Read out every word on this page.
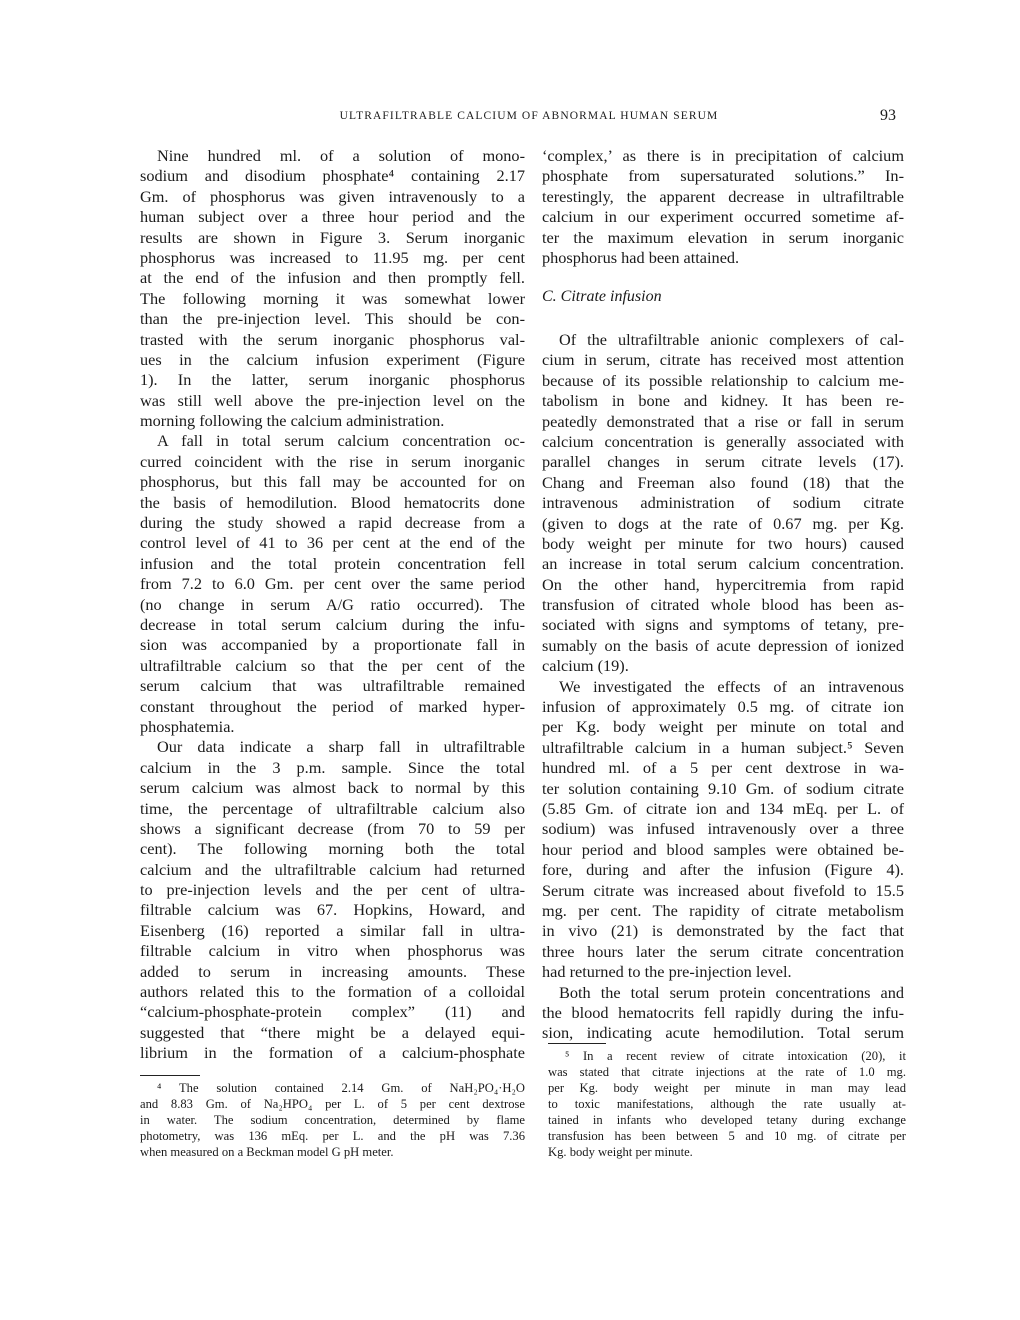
ULTRAFILTRABLE CALCIUM OF ABNORMAL HUMAN SERUM	93
Nine hundred ml. of a solution of mono-
sodium and disodium phosphate⁴ containing 2.17
Gm. of phosphorus was given intravenously to a
human subject over a three hour period and the
results are shown in Figure 3. Serum inorganic
phosphorus was increased to 11.95 mg. per cent
at the end of the infusion and then promptly fell.
The following morning it was somewhat lower
than the pre-injection level. This should be con-
trasted with the serum inorganic phosphorus val-
ues in the calcium infusion experiment (Figure
1). In the latter, serum inorganic phosphorus
was still well above the pre-injection level on the
morning following the calcium administration.
A fall in total serum calcium concentration oc-
curred coincident with the rise in serum inorganic
phosphorus, but this fall may be accounted for on
the basis of hemodilution. Blood hematocrits done
during the study showed a rapid decrease from a
control level of 41 to 36 per cent at the end of the
infusion and the total protein concentration fell
from 7.2 to 6.0 Gm. per cent over the same period
(no change in serum A/G ratio occurred). The
decrease in total serum calcium during the infu-
sion was accompanied by a proportionate fall in
ultrafiltrable calcium so that the per cent of the
serum calcium that was ultrafiltrable remained
constant throughout the period of marked hyper-
phosphatemia.
Our data indicate a sharp fall in ultrafiltrable
calcium in the 3 p.m. sample. Since the total
serum calcium was almost back to normal by this
time, the percentage of ultrafiltrable calcium also
shows a significant decrease (from 70 to 59 per
cent). The following morning both the total
calcium and the ultrafiltrable calcium had returned
to pre-injection levels and the per cent of ultra-
filtrable calcium was 67. Hopkins, Howard, and
Eisenberg (16) reported a similar fall in ultra-
filtrable calcium in vitro when phosphorus was
added to serum in increasing amounts. These
authors related this to the formation of a colloidal
“calcium-phosphate-protein complex” (11) and
suggested that “there might be a delayed equi-
librium in the formation of a calcium-phosphate
‘complex,’ as there is in precipitation of calcium
phosphate from supersaturated solutions.” In-
terestingly, the apparent decrease in ultrafiltrable
calcium in our experiment occurred sometime af-
ter the maximum elevation in serum inorganic
phosphorus had been attained.
C. Citrate infusion
Of the ultrafiltrable anionic complexers of cal-
cium in serum, citrate has received most attention
because of its possible relationship to calcium me-
tabolism in bone and kidney. It has been re-
peatedly demonstrated that a rise or fall in serum
calcium concentration is generally associated with
parallel changes in serum citrate levels (17).
Chang and Freeman also found (18) that the
intravenous administration of sodium citrate
(given to dogs at the rate of 0.67 mg. per Kg.
body weight per minute for two hours) caused
an increase in total serum calcium concentration.
On the other hand, hypercitremia from rapid
transfusion of citrated whole blood has been as-
sociated with signs and symptoms of tetany, pre-
sumably on the basis of acute depression of ionized
calcium (19).
We investigated the effects of an intravenous
infusion of approximately 0.5 mg. of citrate ion
per Kg. body weight per minute on total and
ultrafiltrable calcium in a human subject.⁵ Seven
hundred ml. of a 5 per cent dextrose in wa-
ter solution containing 9.10 Gm. of sodium citrate
(5.85 Gm. of citrate ion and 134 mEq. per L. of
sodium) was infused intravenously over a three
hour period and blood samples were obtained be-
fore, during and after the infusion (Figure 4).
Serum citrate was increased about fivefold to 15.5
mg. per cent. The rapidity of citrate metabolism
in vivo (21) is demonstrated by the fact that
three hours later the serum citrate concentration
had returned to the pre-injection level.
Both the total serum protein concentrations and
the blood hematocrits fell rapidly during the infu-
sion, indicating acute hemodilution. Total serum
⁴ The solution contained 2.14 Gm. of NaH₂PO₄·H₂O
and 8.83 Gm. of Na₂HPO₄ per L. of 5 per cent dextrose
in water. The sodium concentration, determined by flame
photometry, was 136 mEq. per L. and the pH was 7.36
when measured on a Beckman model G pH meter.
⁵ In a recent review of citrate intoxication (20), it
was stated that citrate injections at the rate of 1.0 mg.
per Kg. body weight per minute in man may lead
to toxic manifestations, although the rate usually at-
tained in infants who developed tetany during exchange
transfusion has been between 5 and 10 mg. of citrate per
Kg. body weight per minute.
